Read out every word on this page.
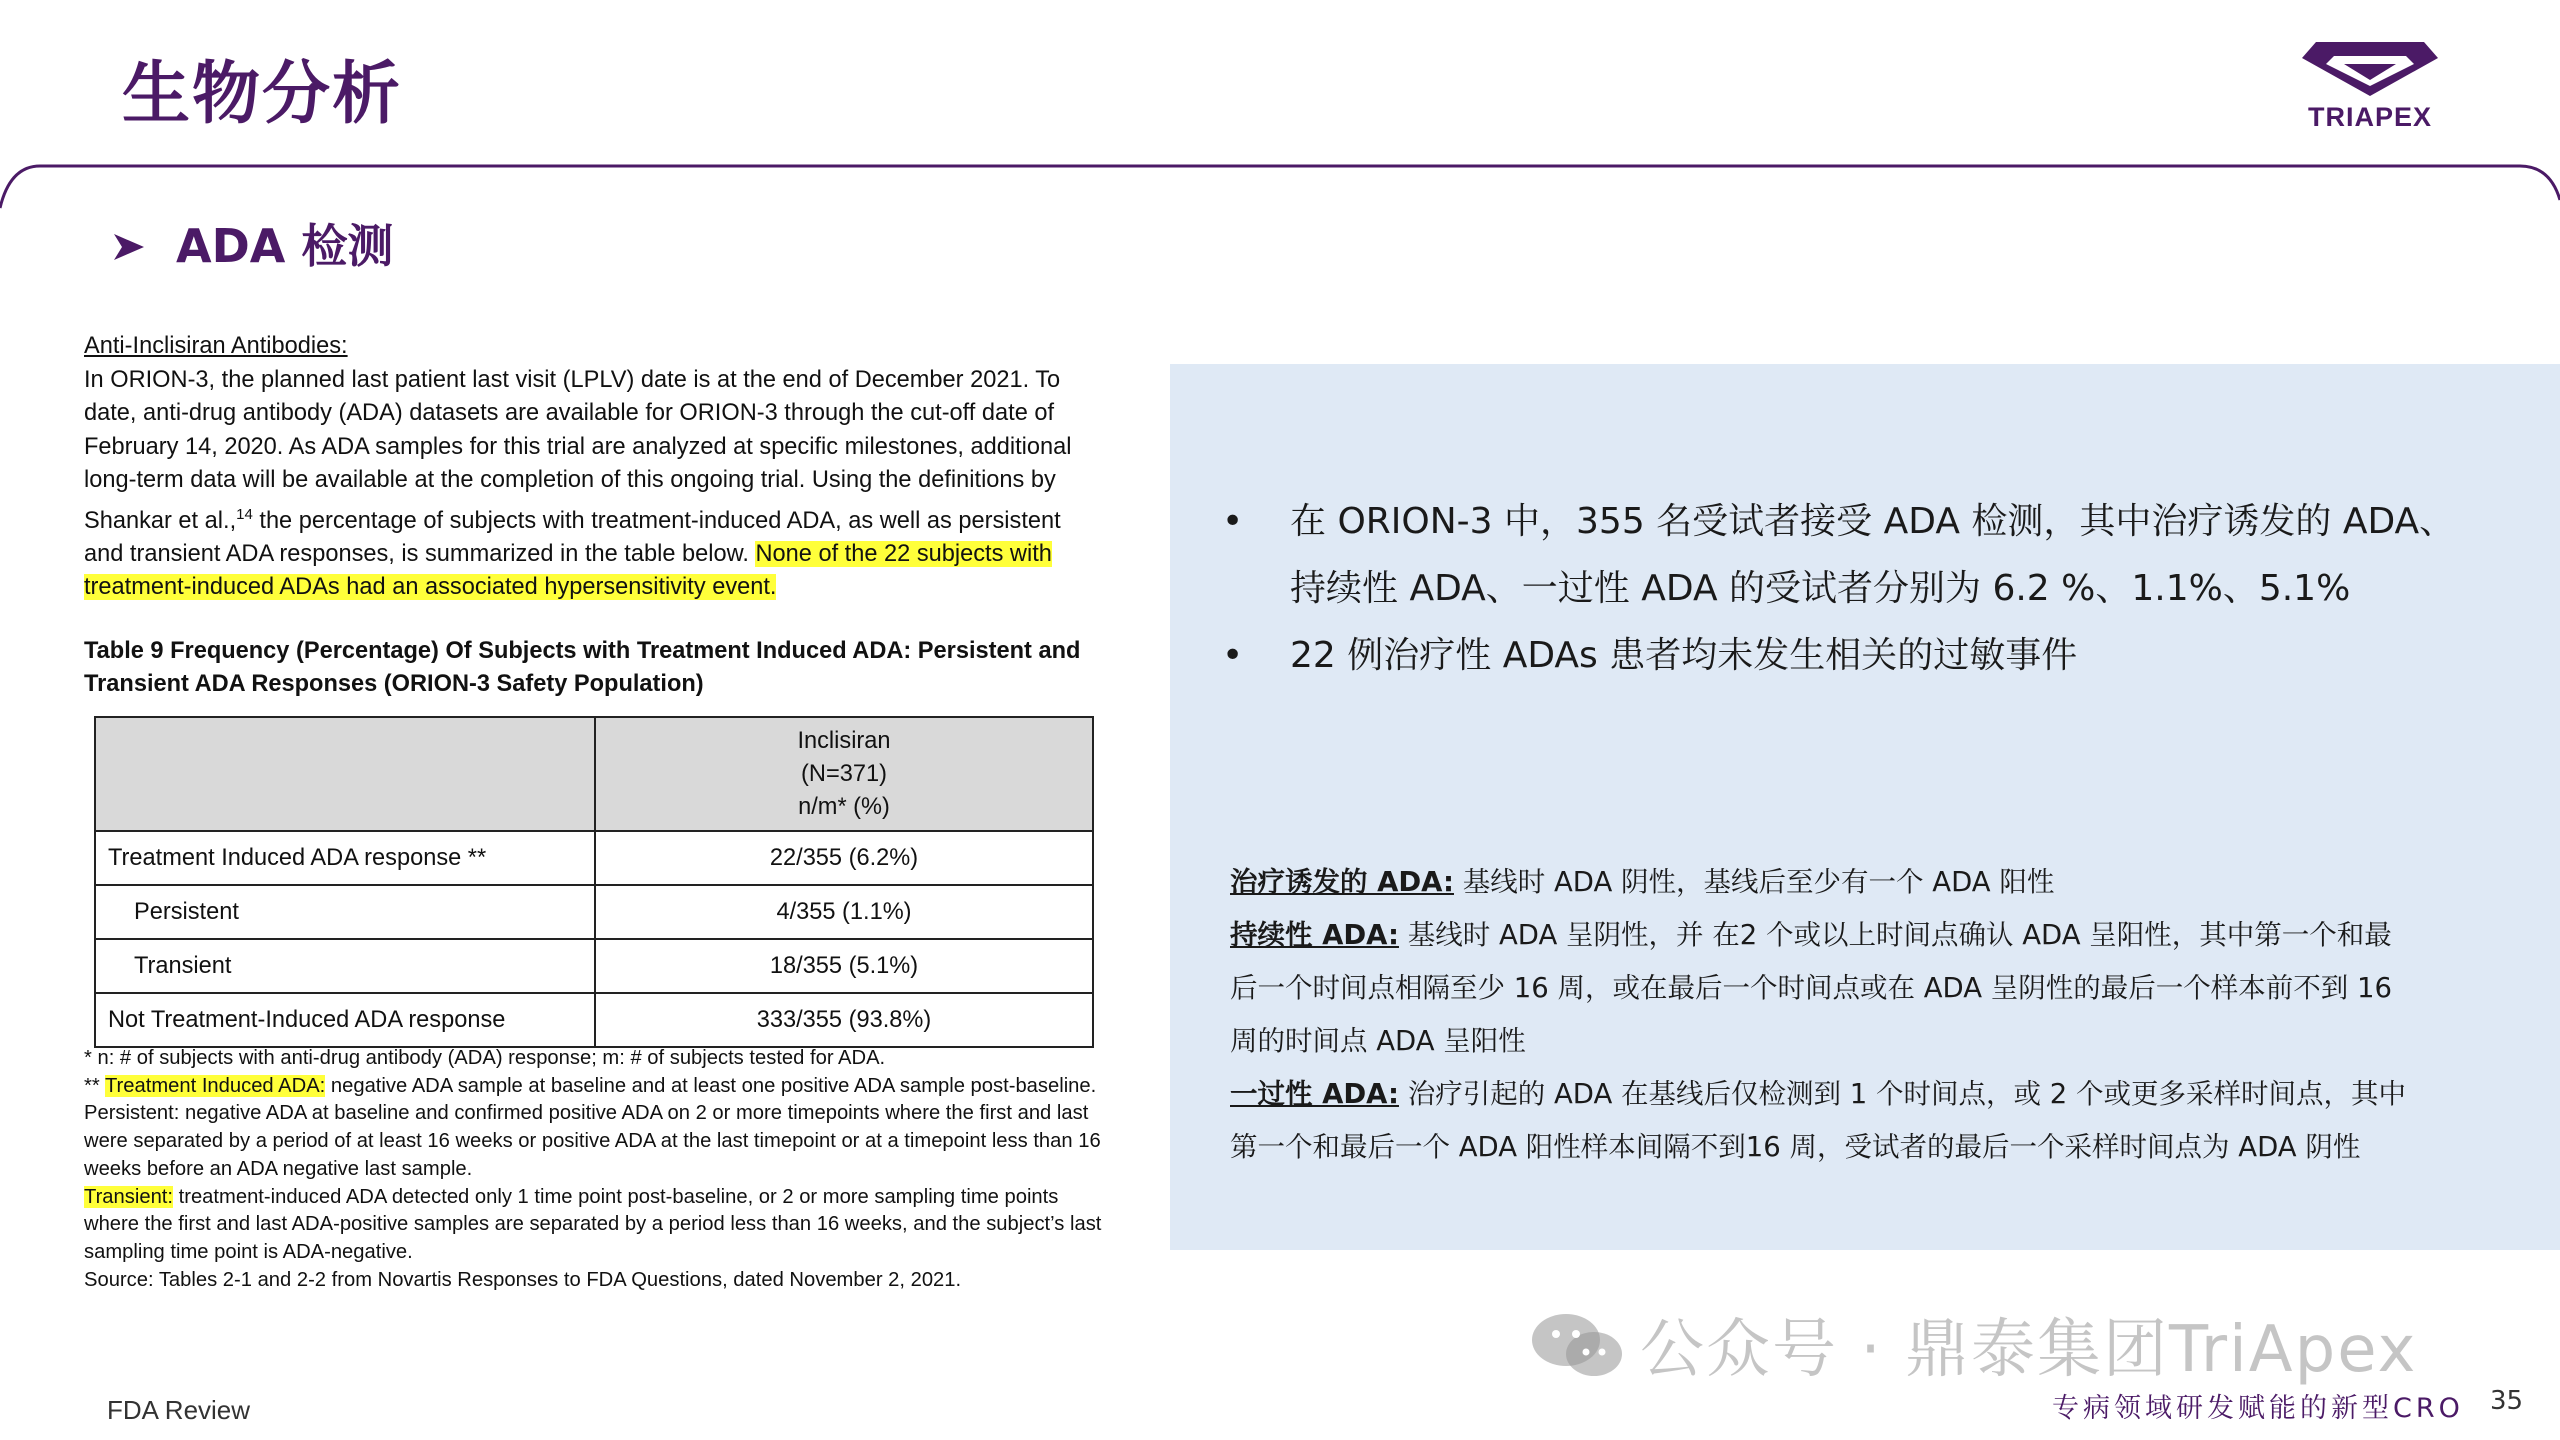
生物分析	TRIAPEX
ADA 检测
Anti-Inclisiran Antibodies:
In ORION-3, the planned last patient last visit (LPLV) date is at the end of December 2021. To
date, anti-drug antibody (ADA) datasets are available for ORION-3 through the cut-off date of
February 14, 2020. As ADA samples for this trial are analyzed at specific milestones, additional
long-term data will be available at the completion of this ongoing trial. Using the definitions by
Shankar et al.,$^{14}$ the percentage of subjects with treatment-induced ADA, as well as persistent
and transient ADA responses, is summarized in the table below. None of the 22 subjects with
treatment-induced ADAs had an associated hypersensitivity event.
Table 9 Frequency (Percentage) Of Subjects with Treatment Induced ADA: Persistent and
Transient ADA Responses (ORION-3 Safety Population)

	Inclisiran
(N=371)
n/m* (%)

Treatment Induced ADA response **	22/355 (6.2%)
Persistent	4/355 (1.1%)
Transient	18/355 (5.1%)
Not Treatment-Induced ADA response	333/355 (93.8%)
* n: # of subjects with anti-drug antibody (ADA) response; m: # of subjects tested for ADA.
** Treatment Induced ADA: negative ADA sample at baseline and at least one positive ADA sample post-baseline.
Persistent: negative ADA at baseline and confirmed positive ADA on 2 or more timepoints where the first and last
were separated by a period of at least 16 weeks or positive ADA at the last timepoint or at a timepoint less than 16
weeks before an ADA negative last sample.
Transient: treatment-induced ADA detected only 1 time point post-baseline, or 2 or more sampling time points
where the first and last ADA-positive samples are separated by a period less than 16 weeks, and the subject’s last
sampling time point is ADA-negative.
Source: Tables 2-1 and 2-2 from Novartis Responses to FDA Questions, dated November 2, 2021.
FDA Review
• 在 ORION-3 中，355 名受试者接受 ADA 检测，其中治疗诱发的 ADA、
持续性 ADA、一过性 ADA 的受试者分别为 6.2 %、1.1%、5.1%
• 22 例治疗性 ADAs 患者均未发生相关的过敏事件
治疗诱发的 ADA: 基线时 ADA 阴性，基线后至少有一个 ADA 阳性
持续性 ADA: 基线时 ADA 呈阴性，并 在2 个或以上时间点确认 ADA 呈阳性，其中第一个和最
后一个时间点相隔至少 16 周，或在最后一个时间点或在 ADA 呈阴性的最后一个样本前不到 16
周的时间点 ADA 呈阳性
一过性 ADA: 治疗引起的 ADA 在基线后仅检测到 1 个时间点，或 2 个或更多采样时间点，其中
第一个和最后一个 ADA 阳性样本间隔不到16 周，受试者的最后一个采样时间点为 ADA 阴性
公众号 · 鼎泰集团TriApex
专病领域研发赋能的新型CRO 35
